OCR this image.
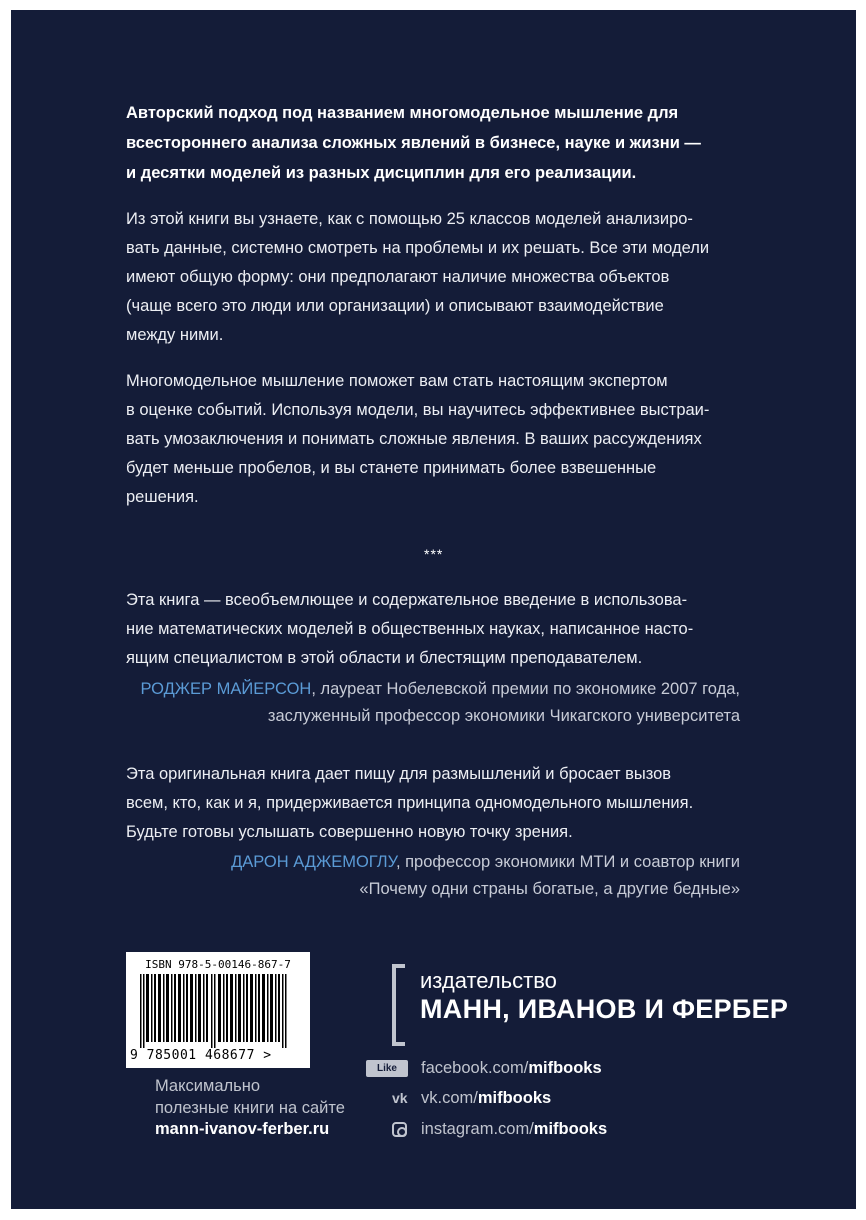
Авторский подход под названием многомодельное мышление для

всестороннего анализа сложных явлений в бизнесе, науке и жизни —

и десятки моделей из разных дисциплин для его реализации.

Из этой книги вы узнаете, как с помощью 25 классов моделей анализиро-

вать данные, системно смотреть на проблемы и их решать. Все эти модели

имеют общую форму: они предполагают наличие множества объектов

(чаще всего это люди или организации) и описывают взаимодействие

между ними.

Многомодельное мышление поможет вам стать настоящим экспертом

в оценке событий. Используя модели, вы научитесь эффективнее выстраи-

вать умозаключения и понимать сложные явления. В ваших рассуждениях

будет меньше пробелов, и вы станете принимать более взвешенные

решения.

***

Эта книга — всеобъемлющее и содержательное введение в использова-

ние математических моделей в общественных науках, написанное насто-

ящим специалистом в этой области и блестящим преподавателем.

РОДЖЕР МАЙЕРСОН, лауреат Нобелевской премии по экономике 2007 года,

заслуженный профессор экономики Чикагского университета

Эта оригинальная книга дает пищу для размышлений и бросает вызов

всем, кто, как и я, придерживается принципа одномодельного мышления.

Будьте готовы услышать совершенно новую точку зрения.

ДАРОН АДЖЕМОГЛУ, профессор экономики МТИ и соавтор книги

«Почему одни страны богатые, а другие бедные»

ISBN 978-5-00146-867-7
9 785001 468677 >

Максимально

полезные книги на сайте

mann-ivanov-ferber.ru

издательство
МАНН, ИВАНОВ И ФЕРБЕР
Like	facebook.com/mifbooks

vk vk.com/mifbooks

instagram.com/mifbooks
